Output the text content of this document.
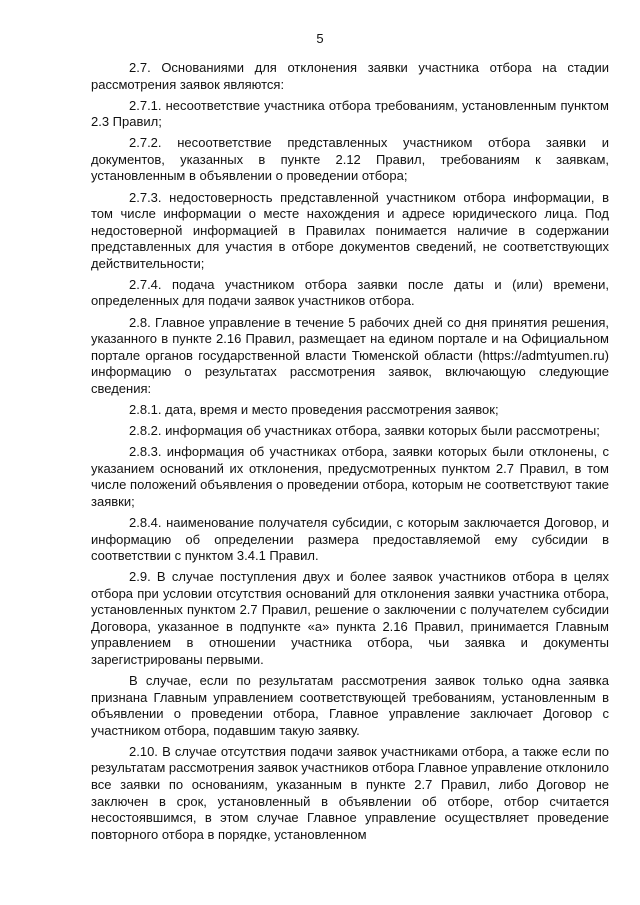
5

2.7. Основаниями для отклонения заявки участника отбора на стадии рассмотрения заявок являются:

2.7.1. несоответствие участника отбора требованиям, установленным пунктом 2.3 Правил;

2.7.2. несоответствие представленных участником отбора заявки и документов, указанных в пункте 2.12 Правил, требованиям к заявкам, установленным в объявлении о проведении отбора;

2.7.3. недостоверность представленной участником отбора информации, в том числе информации о месте нахождения и адресе юридического лица. Под недостоверной информацией в Правилах понимается наличие в содержании представленных для участия в отборе документов сведений, не соответствующих действительности;

2.7.4. подача участником отбора заявки после даты и (или) времени, определенных для подачи заявок участников отбора.

2.8. Главное управление в течение 5 рабочих дней со дня принятия решения, указанного в пункте 2.16 Правил, размещает на едином портале и на Официальном портале органов государственной власти Тюменской области (https://admtyumen.ru) информацию о результатах рассмотрения заявок, включающую следующие сведения:

2.8.1. дата, время и место проведения рассмотрения заявок;

2.8.2. информация об участниках отбора, заявки которых были рассмотрены;

2.8.3. информация об участниках отбора, заявки которых были отклонены, с указанием оснований их отклонения, предусмотренных пунктом 2.7 Правил, в том числе положений объявления о проведении отбора, которым не соответствуют такие заявки;

2.8.4. наименование получателя субсидии, с которым заключается Договор, и информацию об определении размера предоставляемой ему субсидии в соответствии с пунктом 3.4.1 Правил.

2.9. В случае поступления двух и более заявок участников отбора в целях отбора при условии отсутствия оснований для отклонения заявки участника отбора, установленных пунктом 2.7 Правил, решение о заключении с получателем субсидии Договора, указанное в подпункте «а» пункта 2.16 Правил, принимается Главным управлением в отношении участника отбора, чьи заявка и документы зарегистрированы первыми.

В случае, если по результатам рассмотрения заявок только одна заявка признана Главным управлением соответствующей требованиям, установленным в объявлении о проведении отбора, Главное управление заключает Договор с участником отбора, подавшим такую заявку.

2.10. В случае отсутствия подачи заявок участниками отбора, а также если по результатам рассмотрения заявок участников отбора Главное управление отклонило все заявки по основаниям, указанным в пункте 2.7 Правил, либо Договор не заключен в срок, установленный в объявлении об отборе, отбор считается несостоявшимся, в этом случае Главное управление осуществляет проведение повторного отбора в порядке, установленном
